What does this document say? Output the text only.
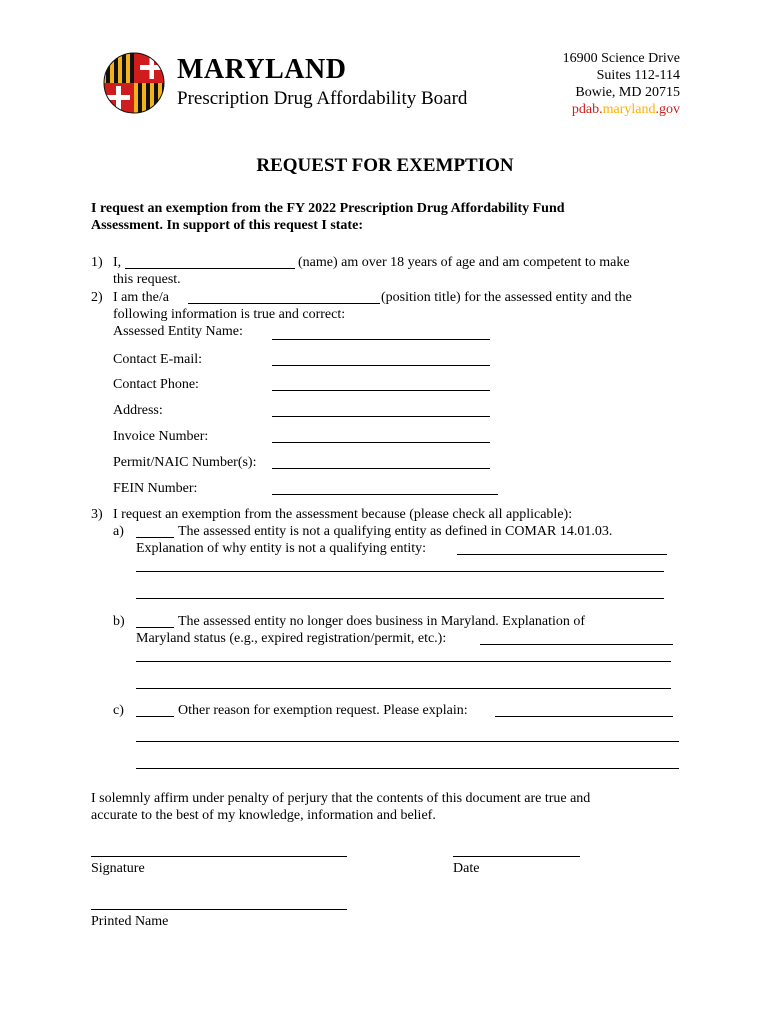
MARYLAND
Prescription Drug Affordability Board
16900 Science Drive
Suites 112-114
Bowie, MD 20715
pdab.maryland.gov
REQUEST FOR EXEMPTION
I request an exemption from the FY 2022 Prescription Drug Affordability Fund
Assessment. In support of this request I state:
1) I,	(name) am over 18 years of age and am competent to make
this request.
2) I am the/a	(position title) for the assessed entity and the
following information is true and correct:
Assessed Entity Name:
Contact E-mail:
Contact Phone:
Address:
Invoice Number:
Permit/NAIC Number(s):
FEIN Number:
3) I request an exemption from the assessment because (please check all applicable):
a)	The assessed entity is not a qualifying entity as defined in COMAR 14.01.03.
Explanation of why entity is not a qualifying entity:
b)	The assessed entity no longer does business in Maryland. Explanation of
Maryland status (e.g., expired registration/permit, etc.):
c)	Other reason for exemption request. Please explain:
I solemnly affirm under penalty of perjury that the contents of this document are true and
accurate to the best of my knowledge, information and belief.
Signature	Date
Printed Name
